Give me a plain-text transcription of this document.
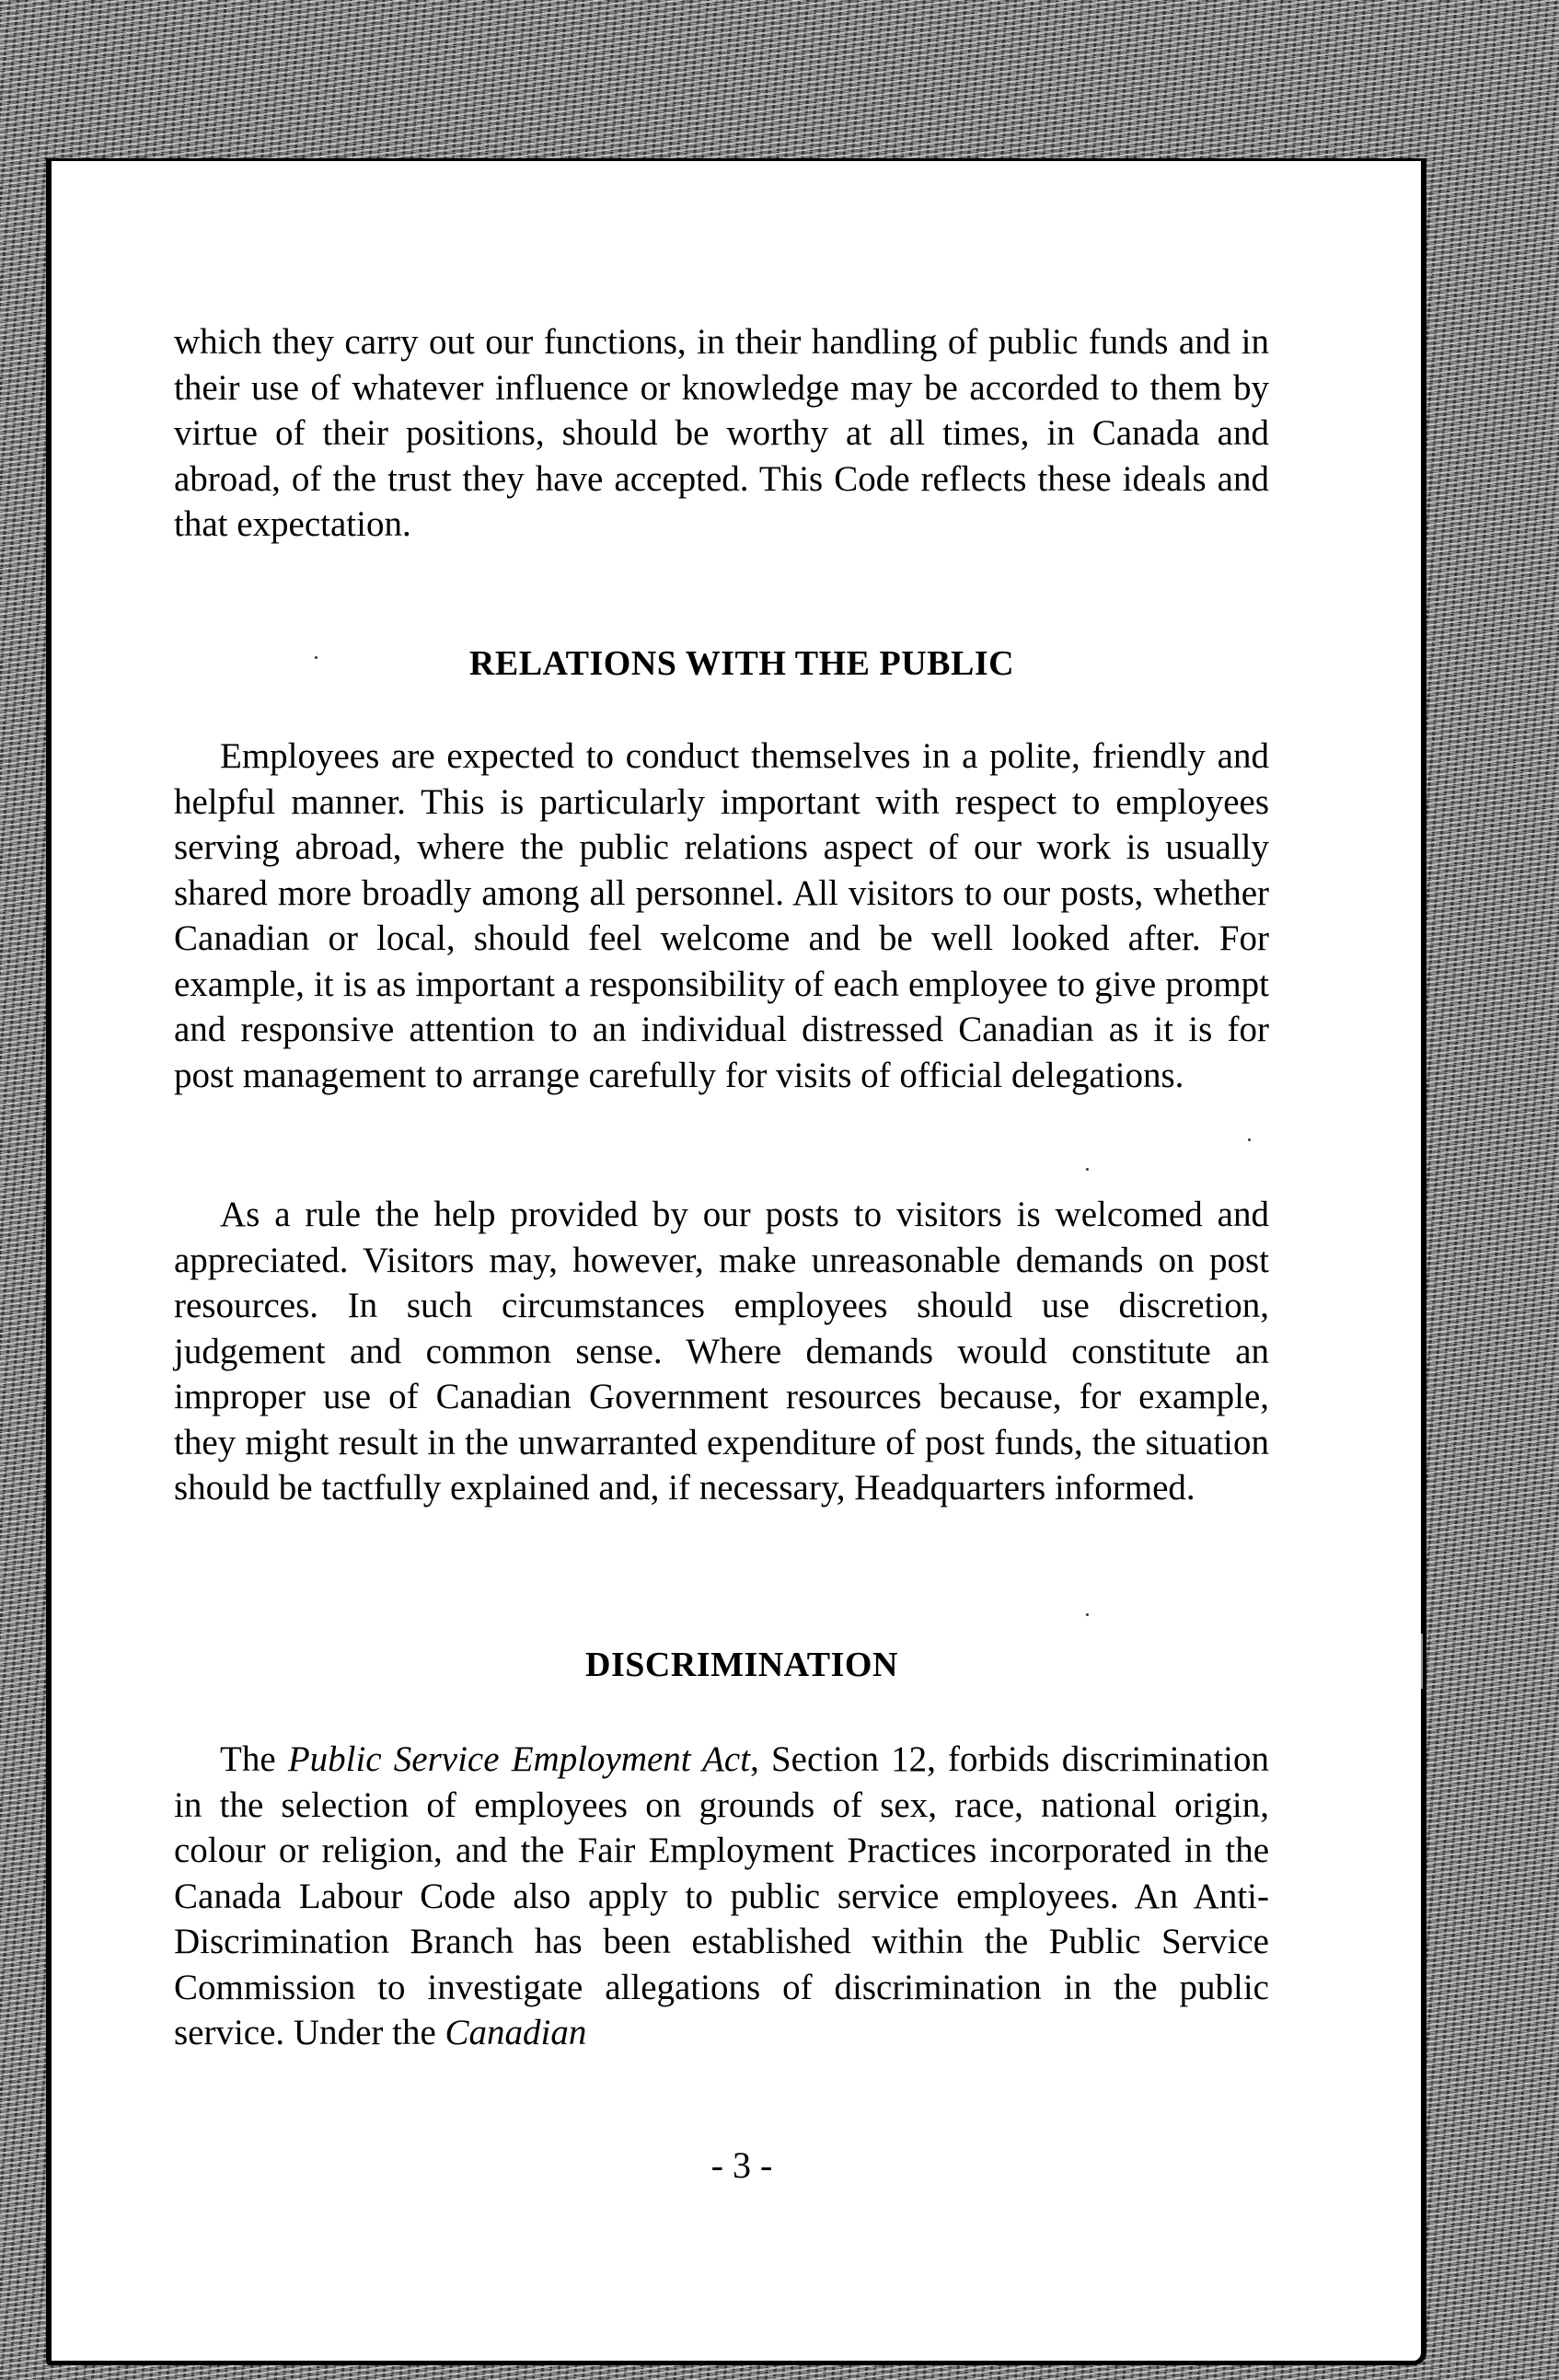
which they carry out our functions, in their handling of public funds and in their use of whatever influence or knowledge may be accorded to them by virtue of their positions, should be worthy at all times, in Canada and abroad, of the trust they have accepted. This Code reflects these ideals and that expectation.

RELATIONS WITH THE PUBLIC

Employees are expected to conduct themselves in a polite, friendly and helpful manner. This is particularly important with respect to employees serving abroad, where the public relations aspect of our work is usually shared more broadly among all personnel. All visitors to our posts, whether Canadian or local, should feel welcome and be well looked after. For example, it is as important a responsibility of each employee to give prompt and responsive attention to an individual distressed Canadian as it is for post management to arrange carefully for visits of official delegations.

As a rule the help provided by our posts to visitors is welcomed and appreciated. Visitors may, however, make unreasonable demands on post resources. In such circumstances employees should use discretion, judgement and common sense. Where demands would constitute an improper use of Canadian Government resources because, for example, they might result in the unwarranted expenditure of post funds, the situation should be tactfully explained and, if necessary, Headquarters informed.

DISCRIMINATION

The Public Service Employment Act, Section 12, forbids discrimination in the selection of employees on grounds of sex, race, national origin, colour or religion, and the Fair Employment Practices incorporated in the Canada Labour Code also apply to public service employees. An Anti-Discrimination Branch has been established within the Public Service Commission to investigate allegations of discrimination in the public service. Under the Canadian

- 3 -
